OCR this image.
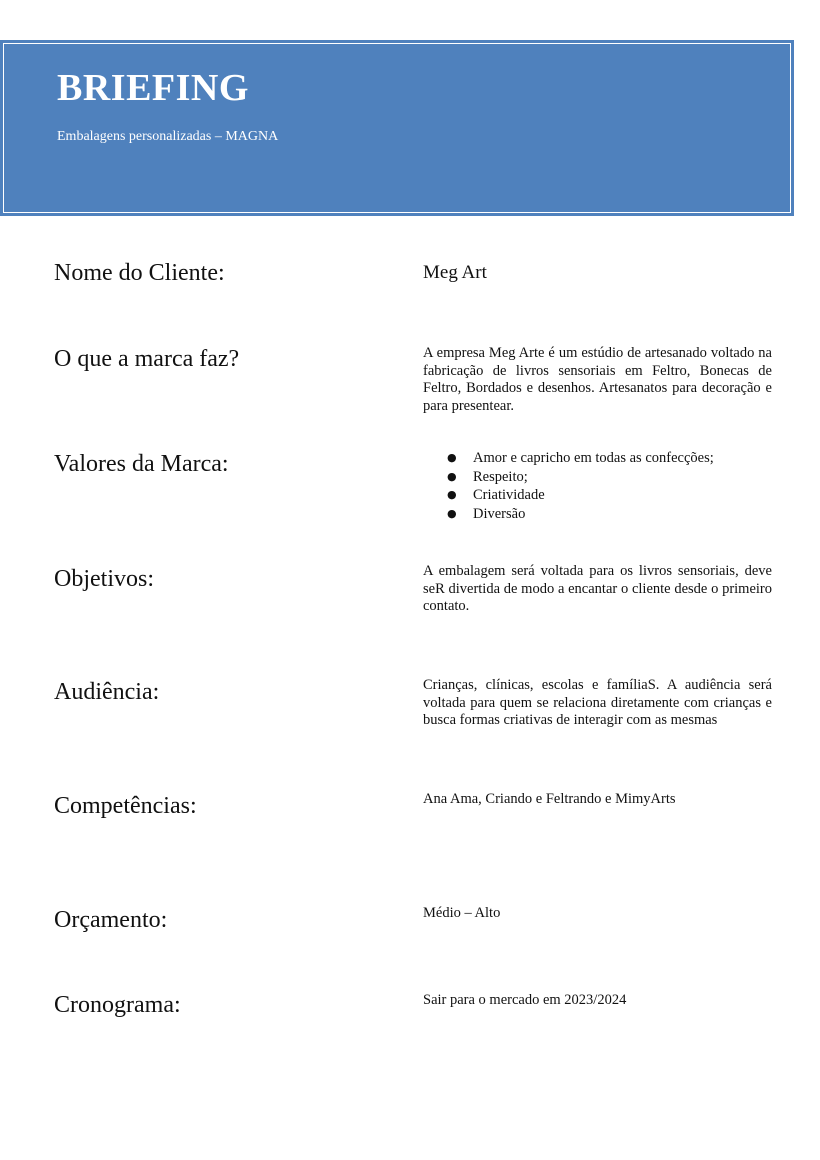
BRIEFING

Embalagens personalizadas – MAGNA

Nome do Cliente:	Meg Art

O que a marca faz?	A empresa Meg Arte é um estúdio de artesanado voltado na fabricação de livros sensoriais em Feltro, Bonecas de Feltro, Bordados e desenhos. Artesanatos para decoração e para presentear.

Valores da Marca:	● Amor e capricho em todas as confecções;
● Respeito;
● Criatividade
● Diversão
Objetivos:	A embalagem será voltada para os livros sensoriais, deve seR divertida de modo a encantar o cliente desde o primeiro contato.

Audiência:	Crianças, clínicas, escolas e famíliaS. A audiência será voltada para quem se relaciona diretamente com crianças e busca formas criativas de interagir com as mesmas

Competências:	Ana Ama, Criando e Feltrando e MimyArts

Orçamento:	Médio – Alto

Cronograma:	Sair para o mercado em 2023/2024
